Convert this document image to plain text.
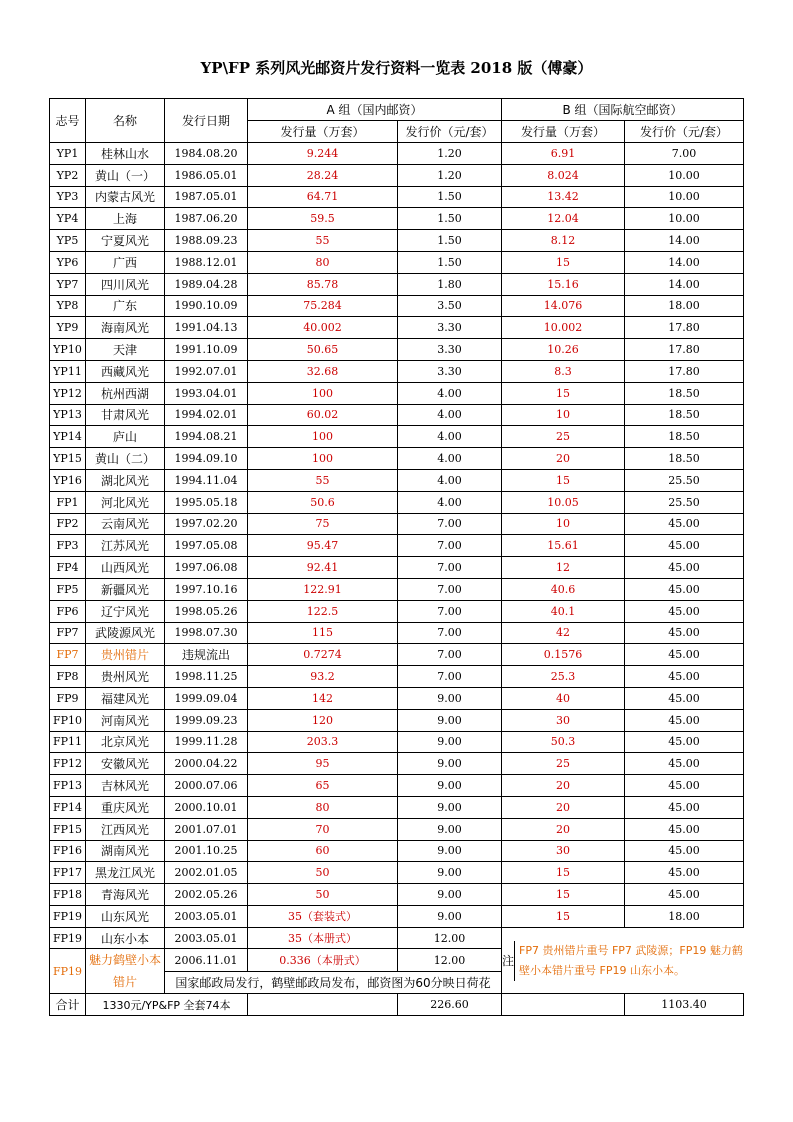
YP\FP 系列风光邮资片发行资料一览表 2018 版（傅豪）
志号	名称	发行日期	A 组（国内邮资）		B 组（国际航空邮资）	
			发行量（万套）	发行价（元/套）	发行量（万套）	发行价（元/套）
YP1	桂林山水	1984.08.20	9.244	1.20	6.91	7.00
YP2	黄山（一）	1986.05.01	28.24	1.20	8.024	10.00
YP3	内蒙古风光	1987.05.01	64.71	1.50	13.42	10.00
YP4	上海	1987.06.20	59.5	1.50	12.04	10.00
YP5	宁夏风光	1988.09.23	55	1.50	8.12	14.00
YP6	广西	1988.12.01	80	1.50	15	14.00
YP7	四川风光	1989.04.28	85.78	1.80	15.16	14.00
YP8	广东	1990.10.09	75.284	3.50	14.076	18.00
YP9	海南风光	1991.04.13	40.002	3.30	10.002	17.80
YP10	天津	1991.10.09	50.65	3.30	10.26	17.80
YP11	西藏风光	1992.07.01	32.68	3.30	8.3	17.80
YP12	杭州西湖	1993.04.01	100	4.00	15	18.50
YP13	甘肃风光	1994.02.01	60.02	4.00	10	18.50
YP14	庐山	1994.08.21	100	4.00	25	18.50
YP15	黄山（二）	1994.09.10	100	4.00	20	18.50
YP16	湖北风光	1994.11.04	55	4.00	15	25.50
FP1	河北风光	1995.05.18	50.6	4.00	10.05	25.50
FP2	云南风光	1997.02.20	75	7.00	10	45.00
FP3	江苏风光	1997.05.08	95.47	7.00	15.61	45.00
FP4	山西风光	1997.06.08	92.41	7.00	12	45.00
FP5	新疆风光	1997.10.16	122.91	7.00	40.6	45.00
FP6	辽宁风光	1998.05.26	122.5	7.00	40.1	45.00
FP7	武陵源风光	1998.07.30	115	7.00	42	45.00
FP7	贵州错片	违规流出	0.7274	7.00	0.1576	45.00
FP8	贵州风光	1998.11.25	93.2	7.00	25.3	45.00
FP9	福建风光	1999.09.04	142	9.00	40	45.00
FP10	河南风光	1999.09.23	120	9.00	30	45.00
FP11	北京风光	1999.11.28	203.3	9.00	50.3	45.00
FP12	安徽风光	2000.04.22	95	9.00	25	45.00
FP13	吉林风光	2000.07.06	65	9.00	20	45.00
FP14	重庆风光	2000.10.01	80	9.00	20	45.00
FP15	江西风光	2001.07.01	70	9.00	20	45.00
FP16	湖南风光	2001.10.25	60	9.00	30	45.00
FP17	黑龙江风光	2002.01.05	50	9.00	15	45.00
FP18	青海风光	2002.05.26	50	9.00	15	45.00
FP19	山东风光	2003.05.01	35（套装式）	9.00	15	18.00
FP19	山东小本	2003.05.01	35（本册式）	12.00	注
FP7 贵州错片重号 FP7 武陵源；FP19 魅力鹤壁小本错片重号 FP19 山东小本。	

FP19	魅力鹤壁小本错片	2006.11.01	0.336（本册式）	12.00		
		国家邮政局发行，鹤壁邮政局发布，邮资图为60分映日荷花				
合计	1330元/YP&FP 全套74本			226.60		1103.40
